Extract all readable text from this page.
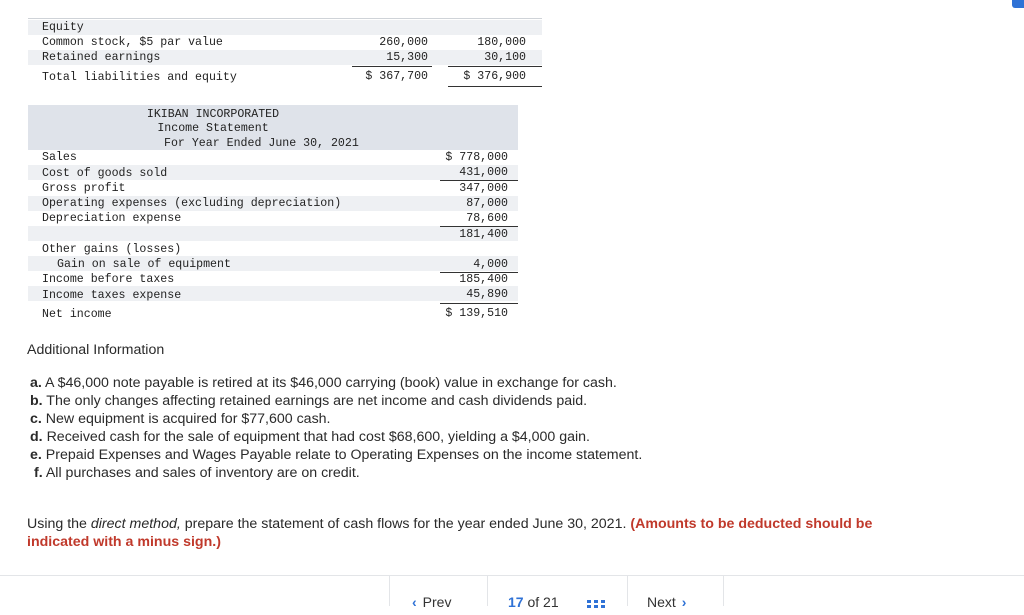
Equity
Common stock, $5 par value	260,000	180,000
Retained earnings	15,300	30,100
Total liabilities and equity	$ 367,700	$ 376,900
IKIBAN INCORPORATED
Income Statement
For Year Ended June 30, 2021
Sales	$ 778,000
Cost of goods sold	431,000
Gross profit	347,000
Operating expenses (excluding depreciation)	87,000
Depreciation expense	78,600
181,400
Other gains (losses)
Gain on sale of equipment	4,000
Income before taxes	185,400
Income taxes expense	45,890
Net income	$ 139,510
Additional Information
a. A $46,000 note payable is retired at its $46,000 carrying (book) value in exchange for cash.
b. The only changes affecting retained earnings are net income and cash dividends paid.
c. New equipment is acquired for $77,600 cash.
d. Received cash for the sale of equipment that had cost $68,600, yielding a $4,000 gain.
e. Prepaid Expenses and Wages Payable relate to Operating Expenses on the income statement.
f. All purchases and sales of inventory are on credit.
Using the direct method, prepare the statement of cash flows for the year ended June 30, 2021. (Amounts to be deducted should be
indicated with a minus sign.)
‹ Prev	17 of 21	Next ›
